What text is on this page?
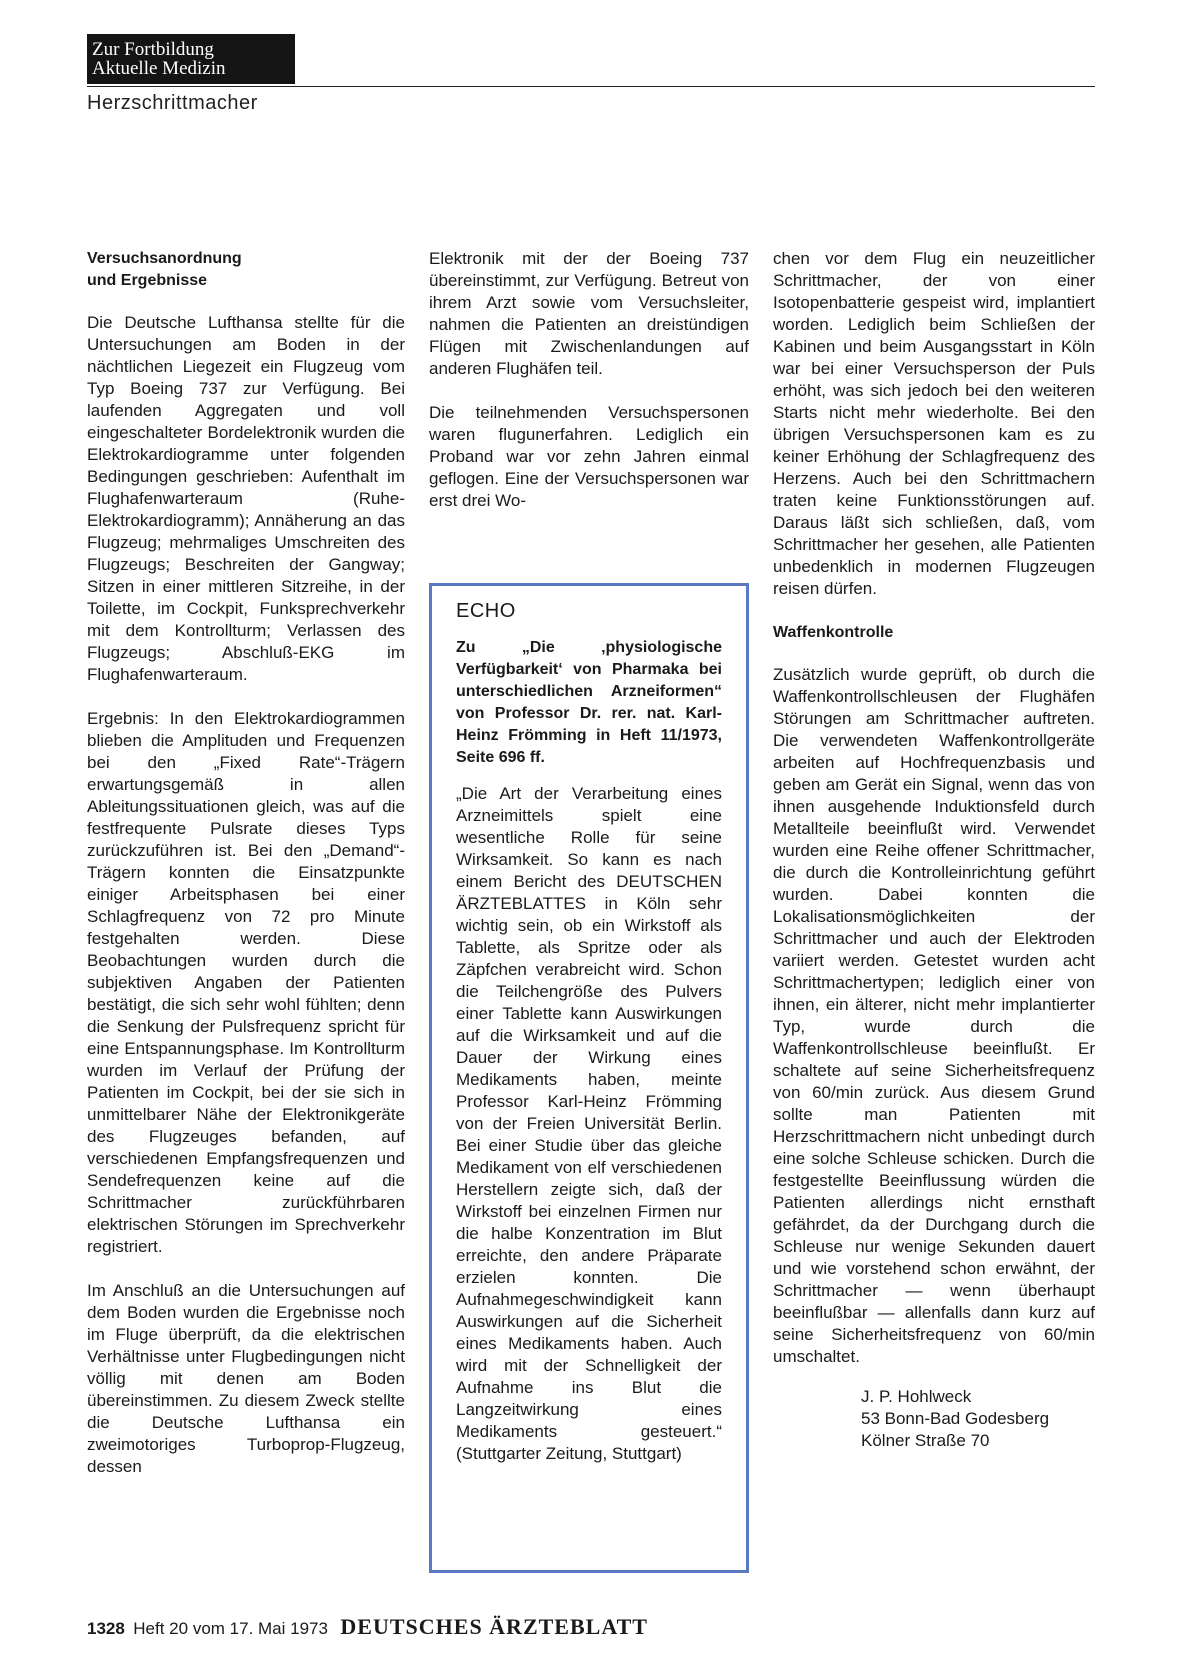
Zur Fortbildung
Aktuelle Medizin
Herzschrittmacher
Versuchsanordnung
und Ergebnisse

Die Deutsche Lufthansa stellte für die Untersuchungen am Boden in der nächtlichen Liegezeit ein Flugzeug vom Typ Boeing 737 zur Verfügung. Bei laufenden Aggregaten und voll eingeschalteter Bordelektronik wurden die Elektrokardiogramme unter folgenden Bedingungen geschrieben: Aufenthalt im Flughafenwarteraum (Ruhe-Elektrokardiogramm); Annäherung an das Flugzeug; mehrmaliges Umschreiten des Flugzeugs; Beschreiten der Gangway; Sitzen in einer mittleren Sitzreihe, in der Toilette, im Cockpit, Funksprechverkehr mit dem Kontrollturm; Verlassen des Flugzeugs; Abschluß-EKG im Flughafenwarteraum.

Ergebnis: In den Elektrokardiogrammen blieben die Amplituden und Frequenzen bei den „Fixed Rate“-Trägern erwartungsgemäß in allen Ableitungssituationen gleich, was auf die festfrequente Pulsrate dieses Typs zurückzuführen ist. Bei den „Demand“-Trägern konnten die Einsatzpunkte einiger Arbeitsphasen bei einer Schlagfrequenz von 72 pro Minute festgehalten werden. Diese Beobachtungen wurden durch die subjektiven Angaben der Patienten bestätigt, die sich sehr wohl fühlten; denn die Senkung der Pulsfrequenz spricht für eine Entspannungsphase. Im Kontrollturm wurden im Verlauf der Prüfung der Patienten im Cockpit, bei der sie sich in unmittelbarer Nähe der Elektronikgeräte des Flugzeuges befanden, auf verschiedenen Empfangsfrequenzen und Sendefrequenzen keine auf die Schrittmacher zurückführbaren elektrischen Störungen im Sprechverkehr registriert.

Im Anschluß an die Untersuchungen auf dem Boden wurden die Ergebnisse noch im Fluge überprüft, da die elektrischen Verhältnisse unter Flugbedingungen nicht völlig mit denen am Boden übereinstimmen. Zu diesem Zweck stellte die Deutsche Lufthansa ein zweimotoriges Turboprop-Flugzeug, dessen

Elektronik mit der der Boeing 737 übereinstimmt, zur Verfügung. Betreut von ihrem Arzt sowie vom Versuchsleiter, nahmen die Patienten an dreistündigen Flügen mit Zwischenlandungen auf anderen Flughäfen teil.

Die teilnehmenden Versuchspersonen waren flugunerfahren. Lediglich ein Proband war vor zehn Jahren einmal geflogen. Eine der Versuchspersonen war erst drei Wo-

ECHO

Zu „Die ‚physiologische Verfügbarkeit‘ von Pharmaka bei unterschiedlichen Arzneiformen“ von Professor Dr. rer. nat. Karl-Heinz Frömming in Heft 11/1973, Seite 696 ff.

„Die Art der Verarbeitung eines Arzneimittels spielt eine wesentliche Rolle für seine Wirksamkeit. So kann es nach einem Bericht des DEUTSCHEN ÄRZTEBLATTES in Köln sehr wichtig sein, ob ein Wirkstoff als Tablette, als Spritze oder als Zäpfchen verabreicht wird. Schon die Teilchengröße des Pulvers einer Tablette kann Auswirkungen auf die Wirksamkeit und auf die Dauer der Wirkung eines Medikaments haben, meinte Professor Karl-Heinz Frömming von der Freien Universität Berlin. Bei einer Studie über das gleiche Medikament von elf verschiedenen Herstellern zeigte sich, daß der Wirkstoff bei einzelnen Firmen nur die halbe Konzentration im Blut erreichte, den andere Präparate erzielen konnten. Die Aufnahmegeschwindigkeit kann Auswirkungen auf die Sicherheit eines Medikaments haben. Auch wird mit der Schnelligkeit der Aufnahme ins Blut die Langzeitwirkung eines Medikaments gesteuert.“ (Stuttgarter Zeitung, Stuttgart)

chen vor dem Flug ein neuzeitlicher Schrittmacher, der von einer Isotopenbatterie gespeist wird, implantiert worden. Lediglich beim Schließen der Kabinen und beim Ausgangsstart in Köln war bei einer Versuchsperson der Puls erhöht, was sich jedoch bei den weiteren Starts nicht mehr wiederholte. Bei den übrigen Versuchspersonen kam es zu keiner Erhöhung der Schlagfrequenz des Herzens. Auch bei den Schrittmachern traten keine Funktionsstörungen auf. Daraus läßt sich schließen, daß, vom Schrittmacher her gesehen, alle Patienten unbedenklich in modernen Flugzeugen reisen dürfen.

Waffenkontrolle

Zusätzlich wurde geprüft, ob durch die Waffenkontrollschleusen der Flughäfen Störungen am Schrittmacher auftreten. Die verwendeten Waffenkontrollgeräte arbeiten auf Hochfrequenzbasis und geben am Gerät ein Signal, wenn das von ihnen ausgehende Induktionsfeld durch Metallteile beeinflußt wird. Verwendet wurden eine Reihe offener Schrittmacher, die durch die Kontrolleinrichtung geführt wurden. Dabei konnten die Lokalisationsmöglichkeiten der Schrittmacher und auch der Elektroden variiert werden. Getestet wurden acht Schrittmachertypen; lediglich einer von ihnen, ein älterer, nicht mehr implantierter Typ, wurde durch die Waffenkontrollschleuse beeinflußt. Er schaltete auf seine Sicherheitsfrequenz von 60/min zurück. Aus diesem Grund sollte man Patienten mit Herzschrittmachern nicht unbedingt durch eine solche Schleuse schicken. Durch die festgestellte Beeinflussung würden die Patienten allerdings nicht ernsthaft gefährdet, da der Durchgang durch die Schleuse nur wenige Sekunden dauert und wie vorstehend schon erwähnt, der Schrittmacher — wenn überhaupt beeinflußbar — allenfalls dann kurz auf seine Sicherheitsfrequenz von 60/min umschaltet.

J. P. Hohlweck
53 Bonn-Bad Godesberg
Kölner Straße 70
1328 Heft 20 vom 17. Mai 1973 DEUTSCHES ÄRZTEBLATT
